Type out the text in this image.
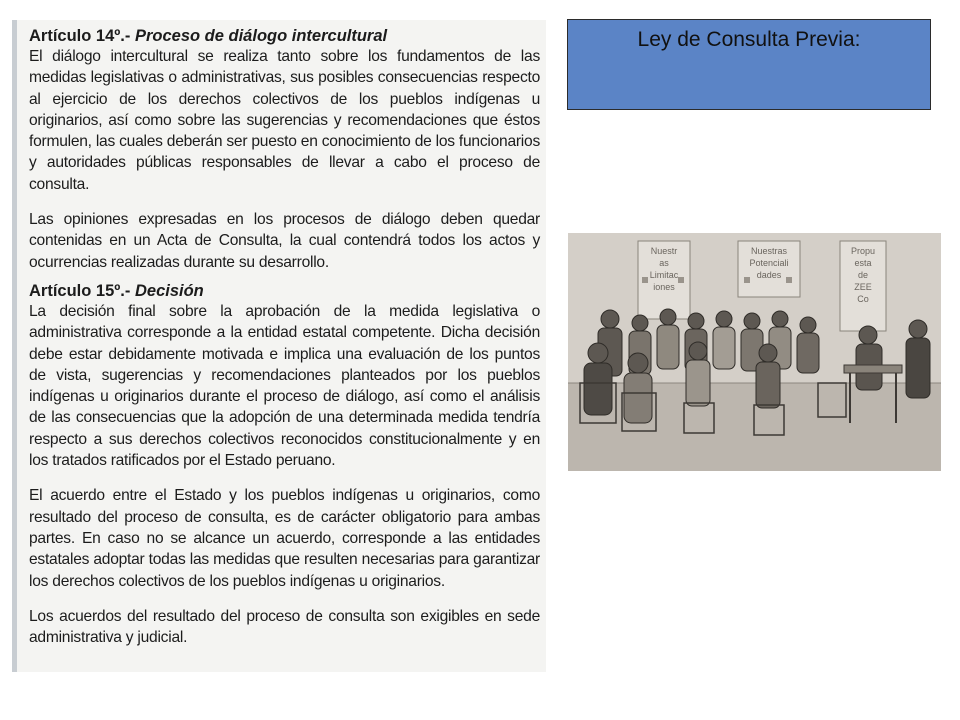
Artículo 14º.- Proceso de diálogo intercultural

El diálogo intercultural se realiza tanto sobre los fundamentos de las medidas legislativas o administrativas, sus posibles consecuencias respecto al ejercicio de los derechos colectivos de los pueblos indígenas u originarios, así como sobre las sugerencias y recomendaciones que éstos formulen, las cuales deberán ser puesto en conocimiento de los funcionarios y autoridades públicas responsables de llevar a cabo el proceso de consulta.

Las opiniones expresadas en los procesos de diálogo deben quedar contenidas en un Acta de Consulta, la cual contendrá todos los actos y ocurrencias realizadas durante su desarrollo.

Artículo 15º.- Decisión

La decisión final sobre la aprobación de la medida legislativa o administrativa corresponde a la entidad estatal competente. Dicha decisión debe estar debidamente motivada e implica una evaluación de los puntos de vista, sugerencias y recomendaciones planteados por los pueblos indígenas u originarios durante el proceso de diálogo, así como el análisis de las consecuencias que la adopción de una determinada medida tendría respecto a sus derechos colectivos reconocidos constitucionalmente y en los tratados ratificados por el Estado peruano.

El acuerdo entre el Estado y los pueblos indígenas u originarios, como resultado del proceso de consulta, es de carácter obligatorio para ambas partes. En caso no se alcance un acuerdo, corresponde a las entidades estatales adoptar todas las medidas que resulten necesarias para garantizar los derechos colectivos de los pueblos indígenas u originarios.

Los acuerdos del resultado del proceso de consulta son exigibles en sede administrativa y judicial.

Ley de Consulta Previa:
Nuestr
as
Limitac
iones
Nuestras
Potenciali
dades
Propu
esta
de
ZEE
Co
